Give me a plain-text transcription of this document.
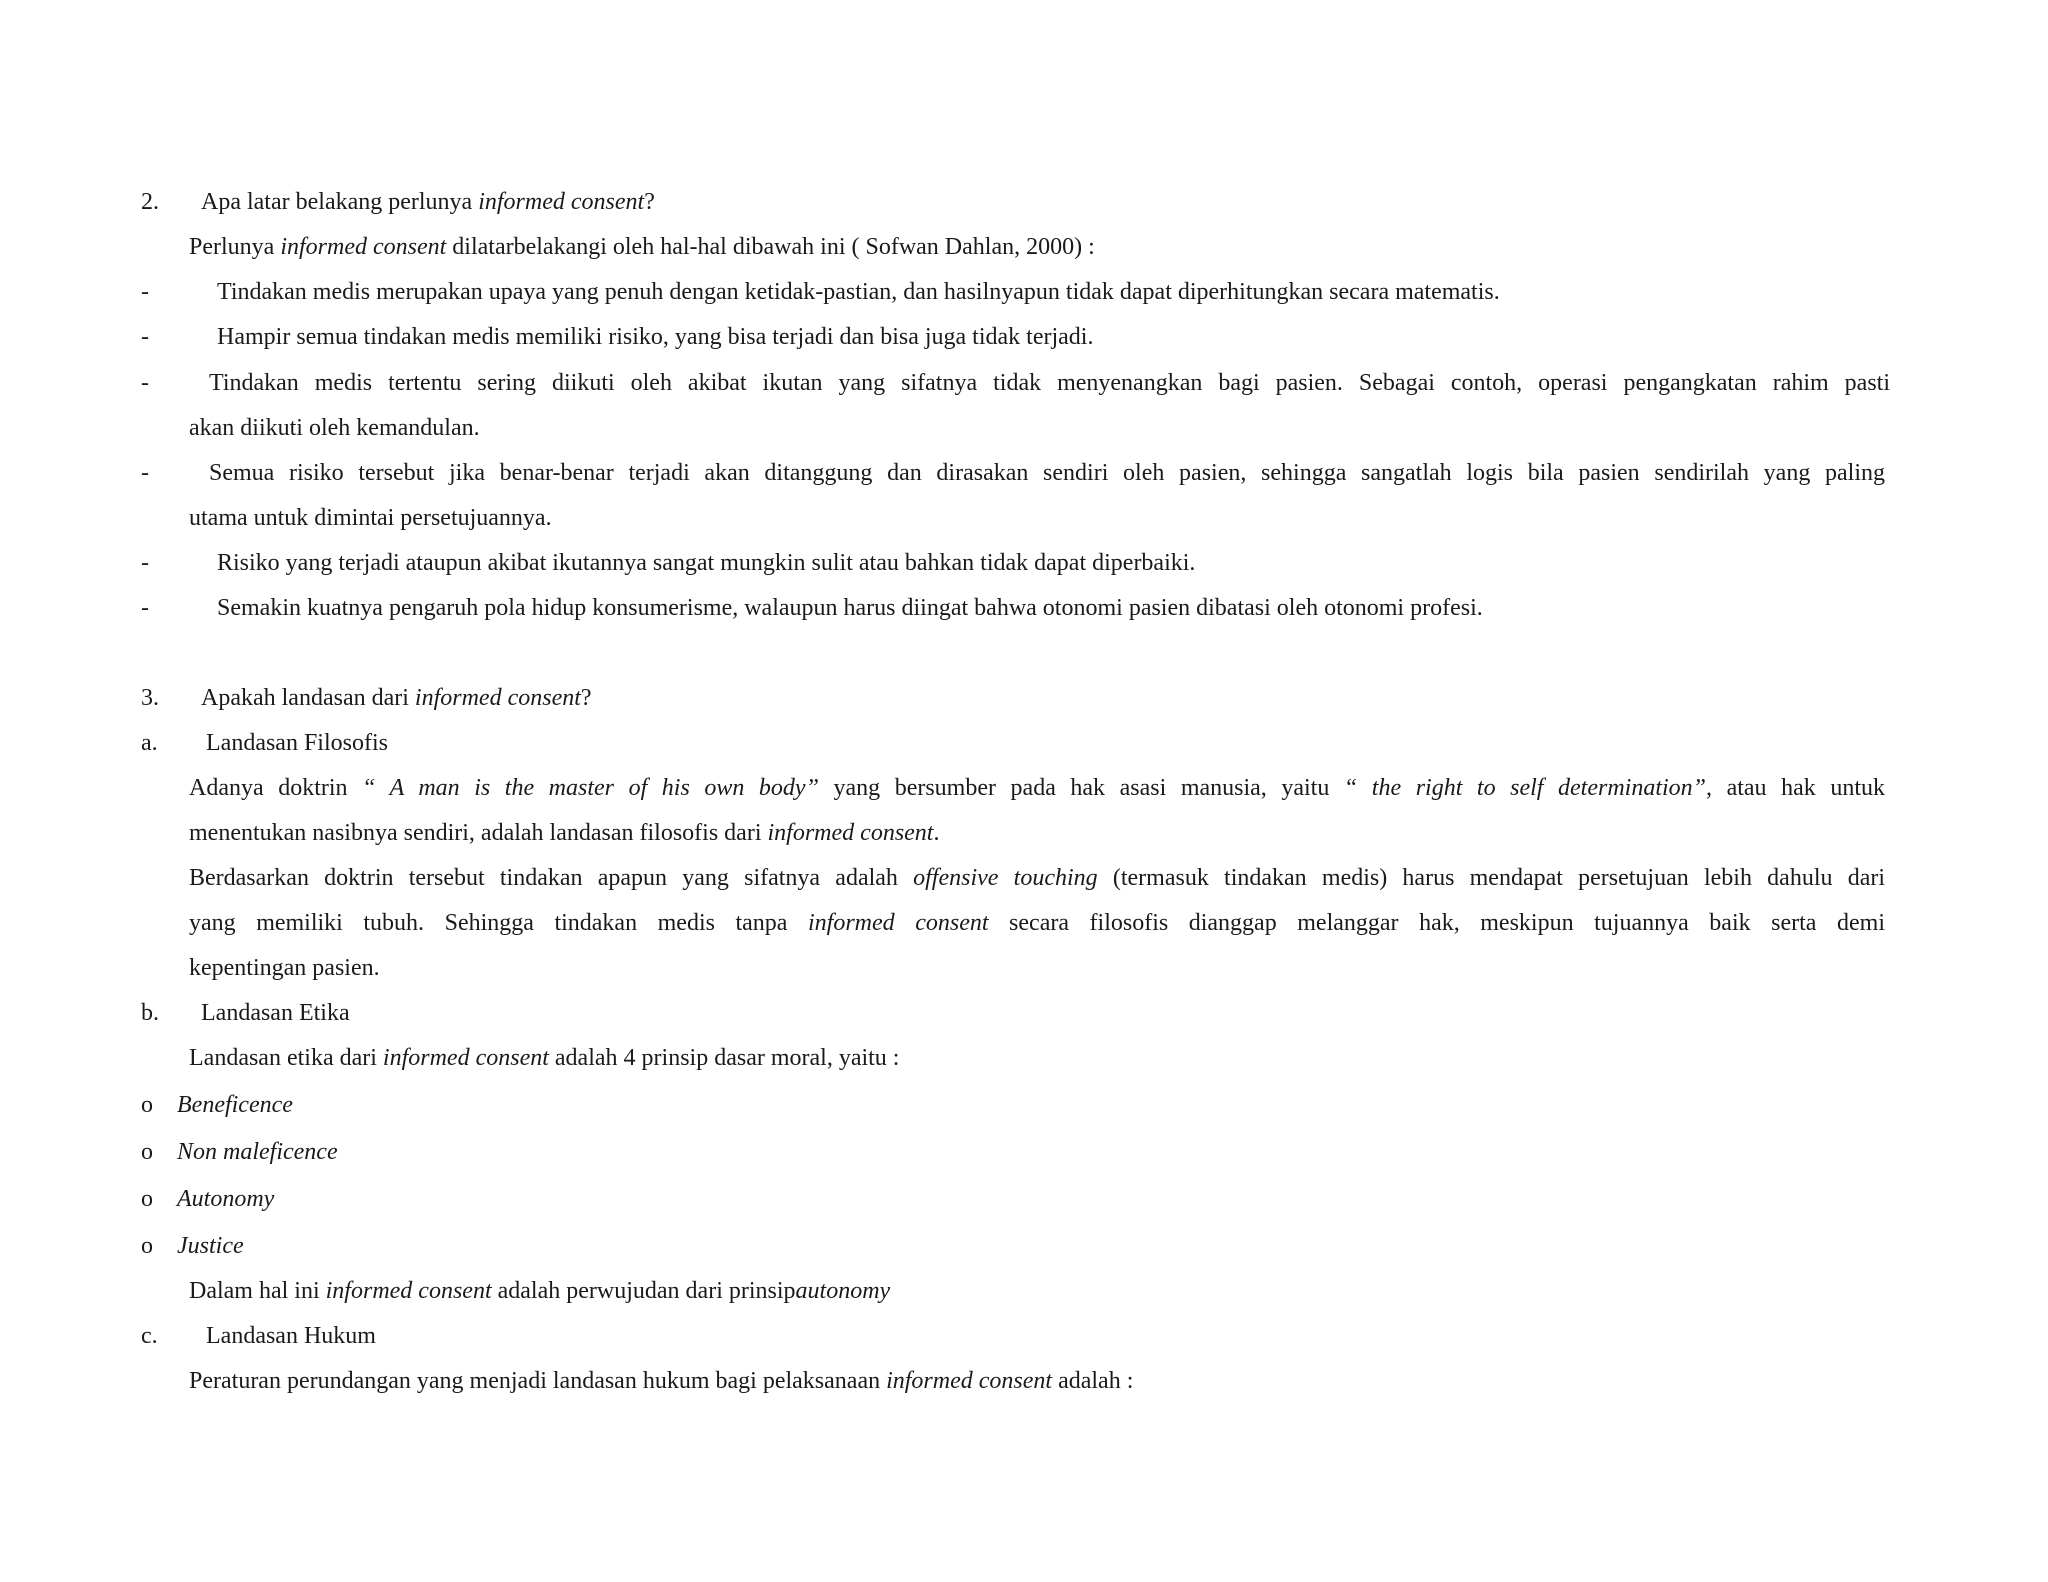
2. Apa latar belakang perlunya informed consent?
Perlunya informed consent dilatarbelakangi oleh hal-hal dibawah ini ( Sofwan Dahlan, 2000) :
-	Tindakan medis merupakan upaya yang penuh dengan ketidak-pastian, dan hasilnyapun tidak dapat diperhitungkan secara matematis.
-	Hampir semua tindakan medis memiliki risiko, yang bisa terjadi dan bisa juga tidak terjadi.
-	Tindakan medis tertentu sering diikuti oleh akibat ikutan yang sifatnya tidak menyenangkan bagi pasien. Sebagai contoh, operasi pengangkatan rahim pasti
akan diikuti oleh kemandulan.
-	Semua risiko tersebut jika benar-benar terjadi akan ditanggung dan dirasakan sendiri oleh pasien, sehingga sangatlah logis bila pasien sendirilah yang paling
utama untuk dimintai persetujuannya.
-	Risiko yang terjadi ataupun akibat ikutannya sangat mungkin sulit atau bahkan tidak dapat diperbaiki.
-	Semakin kuatnya pengaruh pola hidup konsumerisme, walaupun harus diingat bahwa otonomi pasien dibatasi oleh otonomi profesi.
3. Apakah landasan dari informed consent?
a. Landasan Filosofis
Adanya doktrin “ A man is the master of his own body” yang bersumber pada hak asasi manusia, yaitu “ the right to self determination”, atau hak untuk
menentukan nasibnya sendiri, adalah landasan filosofis dari informed consent.
Berdasarkan doktrin tersebut tindakan apapun yang sifatnya adalah offensive touching (termasuk tindakan medis) harus mendapat persetujuan lebih dahulu dari
yang memiliki tubuh. Sehingga tindakan medis tanpa informed consent secara filosofis dianggap melanggar hak, meskipun tujuannya baik serta demi
kepentingan pasien.
b. Landasan Etika
Landasan etika dari informed consent adalah 4 prinsip dasar moral, yaitu :
o Beneficence
o Non maleficence
o Autonomy
o Justice
Dalam hal ini informed consent adalah perwujudan dari prinsipautonomy
c. Landasan Hukum
Peraturan perundangan yang menjadi landasan hukum bagi pelaksanaan informed consent adalah :
